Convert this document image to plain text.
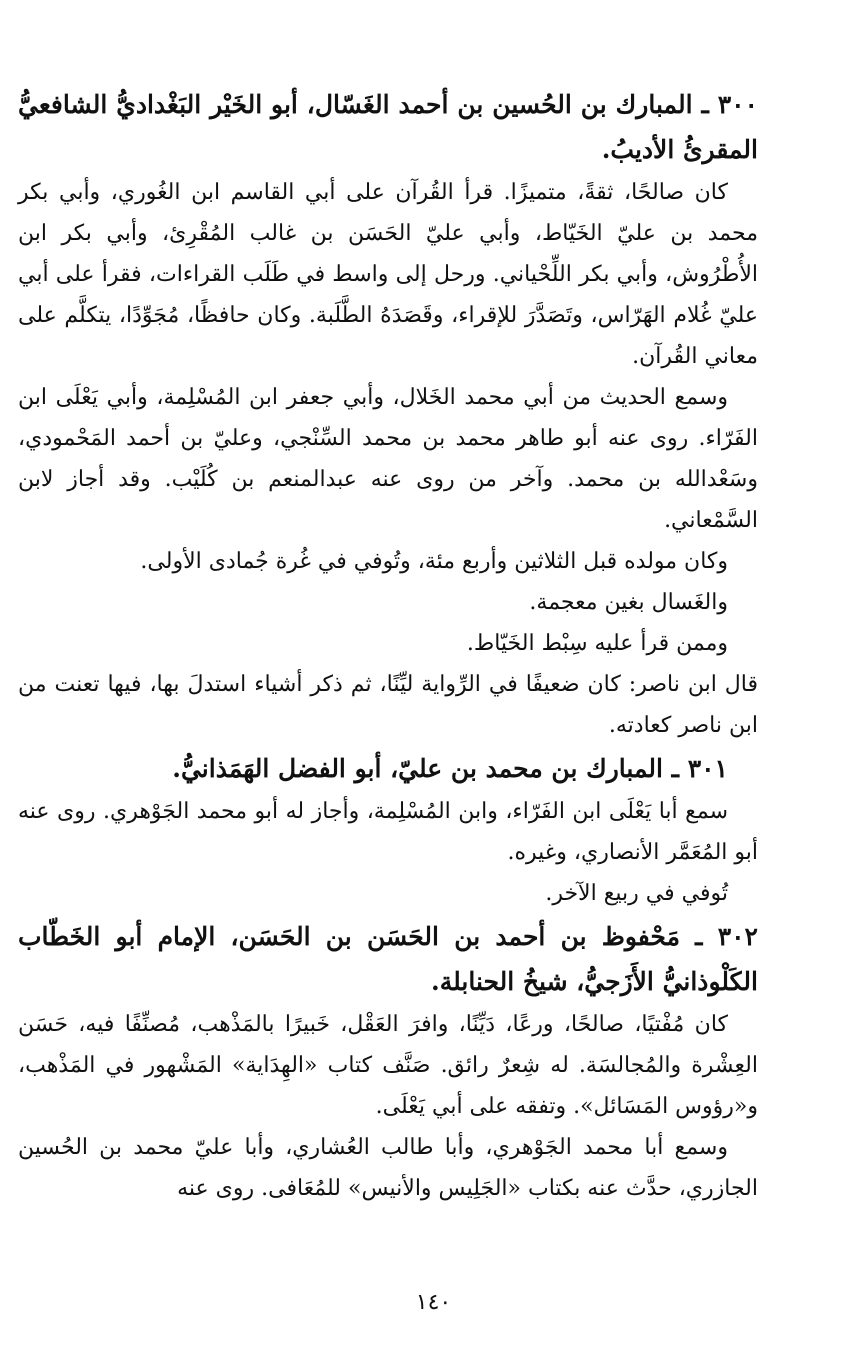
٣٠٠ ـ المبارك بن الحُسين بن أحمد الغَسّال، أبو الخَيْر البَغْداديُّ الشافعيُّ المقرئُ الأديبُ.

كان صالحًا، ثقةً، متميزًا. قرأ القُرآن على أبي القاسم ابن الغُوري، وأبي بكر محمد بن عليّ الخَيّاط، وأبي عليّ الحَسَن بن غالب المُقْرِئ، وأبي بكر ابن الأُطْرُوش، وأبي بكر اللِّحْياني. ورحل إلى واسط في طَلَب القراءات، فقرأ على أبي عليّ غُلام الهَرّاس، وتَصَدَّرَ للإقراء، وقَصَدَهُ الطَّلَبة. وكان حافظًا، مُجَوِّدًا، يتكلَّم على معاني القُرآن.

وسمع الحديث من أبي محمد الخَلال، وأبي جعفر ابن المُسْلِمة، وأبي يَعْلَى ابن الفَرّاء. روى عنه أبو طاهر محمد بن محمد السِّنْجي، وعليّ بن أحمد المَحْمودي، وسَعْدالله بن محمد. وآخر من روى عنه عبدالمنعم بن كُلَيْب. وقد أجاز لابن السَّمْعاني.

وكان مولده قبل الثلاثين وأربع مئة، وتُوفي في غُرة جُمادى الأولى.

والغَسال بغين معجمة.

وممن قرأ عليه سِبْط الخَيّاط.

قال ابن ناصر: كان ضعيفًا في الرِّواية ليِّنًا، ثم ذكر أشياء استدلَ بها، فيها تعنت من ابن ناصر كعادته.

٣٠١ ـ المبارك بن محمد بن عليّ، أبو الفضل الهَمَذانيُّ.

سمع أبا يَعْلَى ابن الفَرّاء، وابن المُسْلِمة، وأجاز له أبو محمد الجَوْهري. روى عنه أبو المُعَمَّر الأنصاري، وغيره.

تُوفي في ربيع الآخر.

٣٠٢ ـ مَحْفوظ بن أحمد بن الحَسَن بن الحَسَن، الإمام أبو الخَطّاب الكَلْوذانيُّ الأَزَجيُّ، شيخُ الحنابلة.

كان مُفْتيًا، صالحًا، ورعًا، دَيِّنًا، وافرَ العَقْل، خَبيرًا بالمَذْهب، مُصنِّفًا فيه، حَسَن العِشْرة والمُجالسَة. له شِعرٌ رائق. صَنَّف كتاب «الهِدَاية» المَشْهور في المَذْهب، و«رؤوس المَسَائل». وتفقه على أبي يَعْلَى.

وسمع أبا محمد الجَوْهري، وأبا طالب العُشاري، وأبا عليّ محمد بن الحُسين الجازري، حدَّث عنه بكتاب «الجَلِيس والأنيس» للمُعَافى. روى عنه

١٤٠
